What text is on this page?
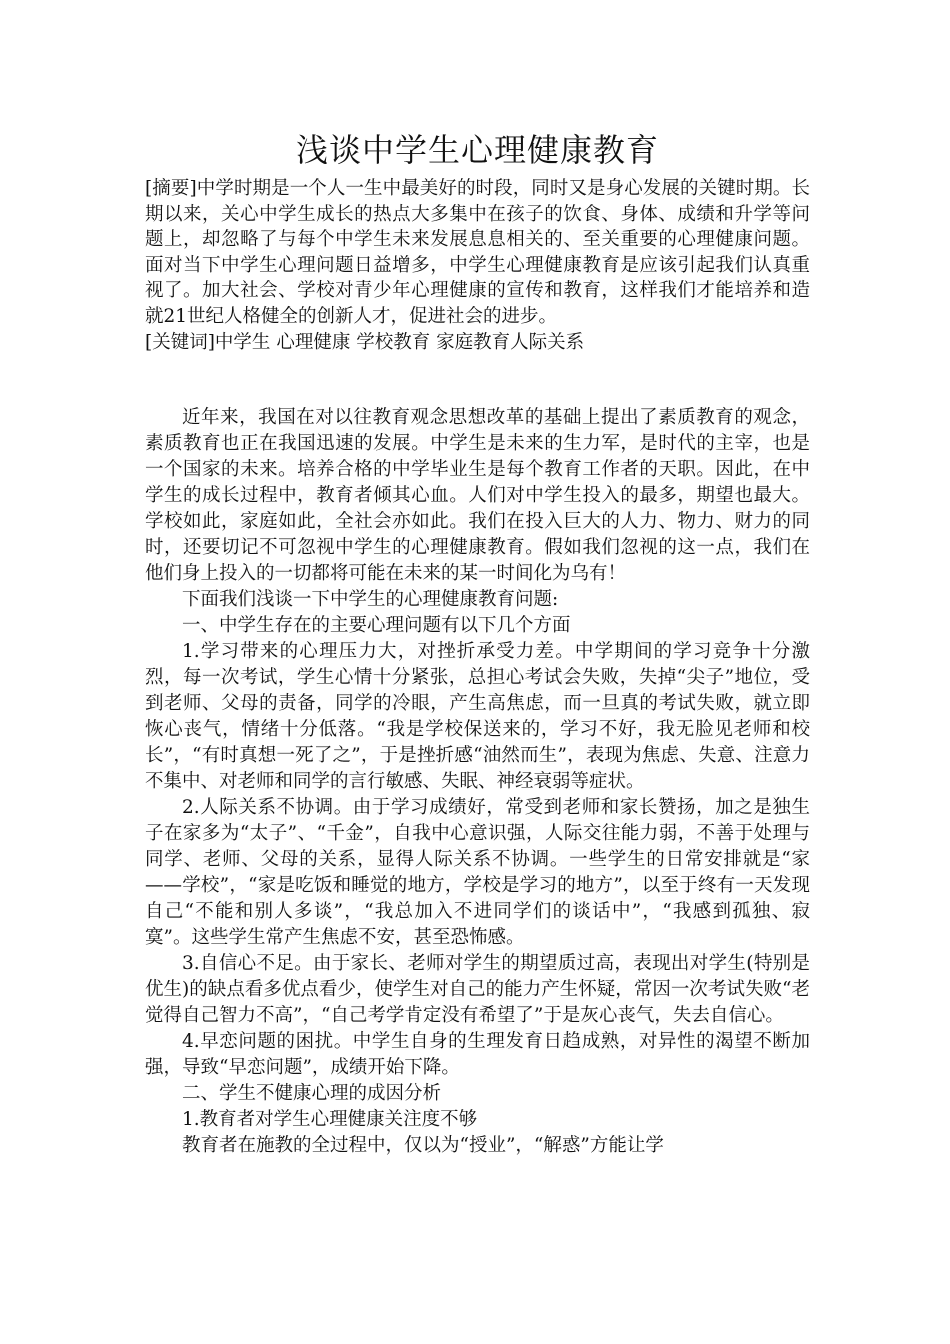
浅谈中学生心理健康教育

[摘要]中学时期是一个人一生中最美好的时段，同时又是身心发展的关键时期。长期以来，关心中学生成长的热点大多集中在孩子的饮食、身体、成绩和升学等问题上，却忽略了与每个中学生未来发展息息相关的、至关重要的心理健康问题。面对当下中学生心理问题日益增多，中学生心理健康教育是应该引起我们认真重视了。加大社会、学校对青少年心理健康的宣传和教育，这样我们才能培养和造就21世纪人格健全的创新人才，促进社会的进步。

[关键词]中学生 心理健康 学校教育 家庭教育人际关系

近年来，我国在对以往教育观念思想改革的基础上提出了素质教育的观念，素质教育也正在我国迅速的发展。中学生是未来的生力军，是时代的主宰，也是一个国家的未来。培养合格的中学毕业生是每个教育工作者的天职。因此，在中学生的成长过程中，教育者倾其心血。人们对中学生投入的最多，期望也最大。学校如此，家庭如此，全社会亦如此。我们在投入巨大的人力、物力、财力的同时，还要切记不可忽视中学生的心理健康教育。假如我们忽视的这一点，我们在他们身上投入的一切都将可能在未来的某一时间化为乌有！

下面我们浅谈一下中学生的心理健康教育问题:

一、中学生存在的主要心理问题有以下几个方面

1.学习带来的心理压力大，对挫折承受力差。中学期间的学习竞争十分激烈，每一次考试，学生心情十分紧张，总担心考试会失败，失掉“尖子”地位，受到老师、父母的责备，同学的冷眼，产生高焦虑，而一旦真的考试失败，就立即恢心丧气，情绪十分低落。“我是学校保送来的，学习不好，我无脸见老师和校长”，“有时真想一死了之”，于是挫折感“油然而生”，表现为焦虑、失意、注意力不集中、对老师和同学的言行敏感、失眠、神经衰弱等症状。

2.人际关系不协调。由于学习成绩好，常受到老师和家长赞扬，加之是独生子在家多为“太子”、“千金”，自我中心意识强，人际交往能力弱，不善于处理与同学、老师、父母的关系，显得人际关系不协调。一些学生的日常安排就是“家——学校”，“家是吃饭和睡觉的地方，学校是学习的地方”，以至于终有一天发现自己“不能和别人多谈”，“我总加入不进同学们的谈话中”，“我感到孤独、寂寞”。这些学生常产生焦虑不安，甚至恐怖感。

3.自信心不足。由于家长、老师对学生的期望质过高，表现出对学生(特别是优生)的缺点看多优点看少，使学生对自己的能力产生怀疑，常因一次考试失败“老觉得自己智力不高”，“自己考学肯定没有希望了”于是灰心丧气，失去自信心。

4.早恋问题的困扰。中学生自身的生理发育日趋成熟，对异性的渴望不断加强，导致“早恋问题”，成绩开始下降。

二、学生不健康心理的成因分析

1.教育者对学生心理健康关注度不够

教育者在施教的全过程中，仅以为“授业”，“解惑”方能让学
